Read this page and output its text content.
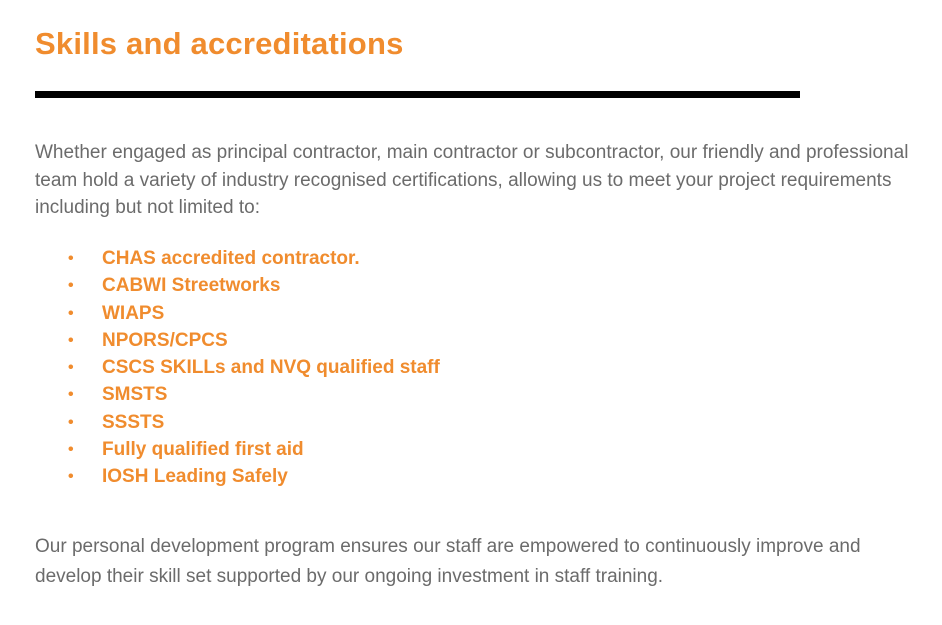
Skills and accreditations

Whether engaged as principal contractor, main contractor or subcontractor, our friendly and professional team hold a variety of industry recognised certifications, allowing us to meet your project requirements including but not limited to:

• CHAS accredited contractor.
• CABWI Streetworks
• WIAPS
• NPORS/CPCS
• CSCS SKILLs and NVQ qualified staff
• SMSTS
• SSSTS
• Fully qualified first aid
• IOSH Leading Safely

Our personal development program ensures our staff are empowered to continuously improve and develop their skill set supported by our ongoing investment in staff training.
